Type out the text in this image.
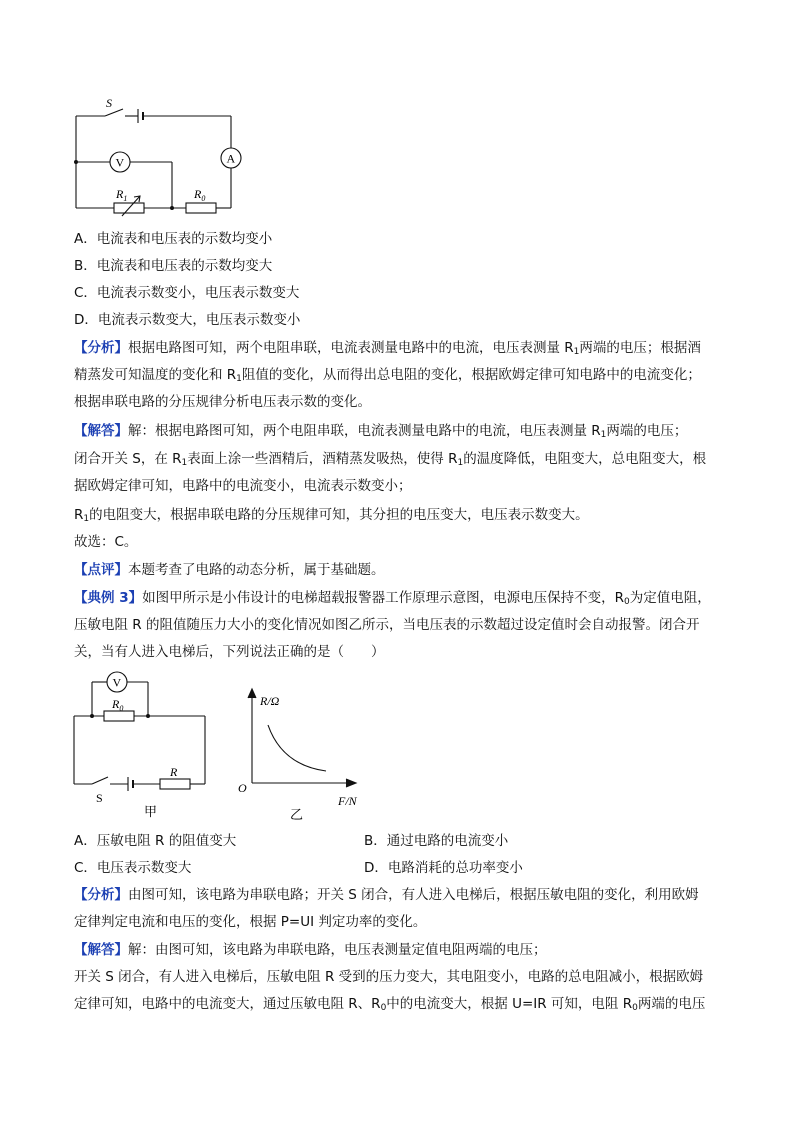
S
V	A
$R_1$	$R_0$
A．电流表和电压表的示数均变小
B．电流表和电压表的示数均变大
C．电流表示数变小，电压表示数变大
D．电流表示数变大，电压表示数变小
【分析】根据电路图可知，两个电阻串联，电流表测量电路中的电流，电压表测量 $R_1$两端的电压；根据酒
精蒸发可知温度的变化和 $R_1$阻值的变化，从而得出总电阻的变化，根据欧姆定律可知电路中的电流变化；
根据串联电路的分压规律分析电压表示数的变化。
【解答】解：根据电路图可知，两个电阻串联，电流表测量电路中的电流，电压表测量 $R_1$两端的电压；
闭合开关 S，在 $R_1$表面上涂一些酒精后，酒精蒸发吸热，使得 $R_1$的温度降低，电阻变大，总电阻变大，根
据欧姆定律可知，电路中的电流变小，电流表示数变小；
$R_1$的电阻变大，根据串联电路的分压规律可知，其分担的电压变大，电压表示数变大。
故选：C。
【点评】本题考查了电路的动态分析，属于基础题。
【典例 3】如图甲所示是小伟设计的电梯超载报警器工作原理示意图，电源电压保持不变，$R_0$为定值电阻，
压敏电阻 R 的阻值随压力大小的变化情况如图乙所示，当电压表的示数超过设定值时会自动报警。闭合开
关，当有人进入电梯后，下列说法正确的是（　　）
V
$R_0$
R
S
甲
R/Ω
O
F/N
乙
A．压敏电阻 R 的阻值变大	B．通过电路的电流变小
C．电压表示数变大	D．电路消耗的总功率变小
【分析】由图可知，该电路为串联电路；开关 S 闭合，有人进入电梯后，根据压敏电阻的变化，利用欧姆
定律判定电流和电压的变化，根据 P=UI 判定功率的变化。
【解答】解：由图可知，该电路为串联电路，电压表测量定值电阻两端的电压；
开关 S 闭合，有人进入电梯后，压敏电阻 R 受到的压力变大，其电阻变小，电路的总电阻减小，根据欧姆
定律可知，电路中的电流变大，通过压敏电阻 R、$R_0$中的电流变大，根据 U=IR 可知，电阻 $R_0$两端的电压
